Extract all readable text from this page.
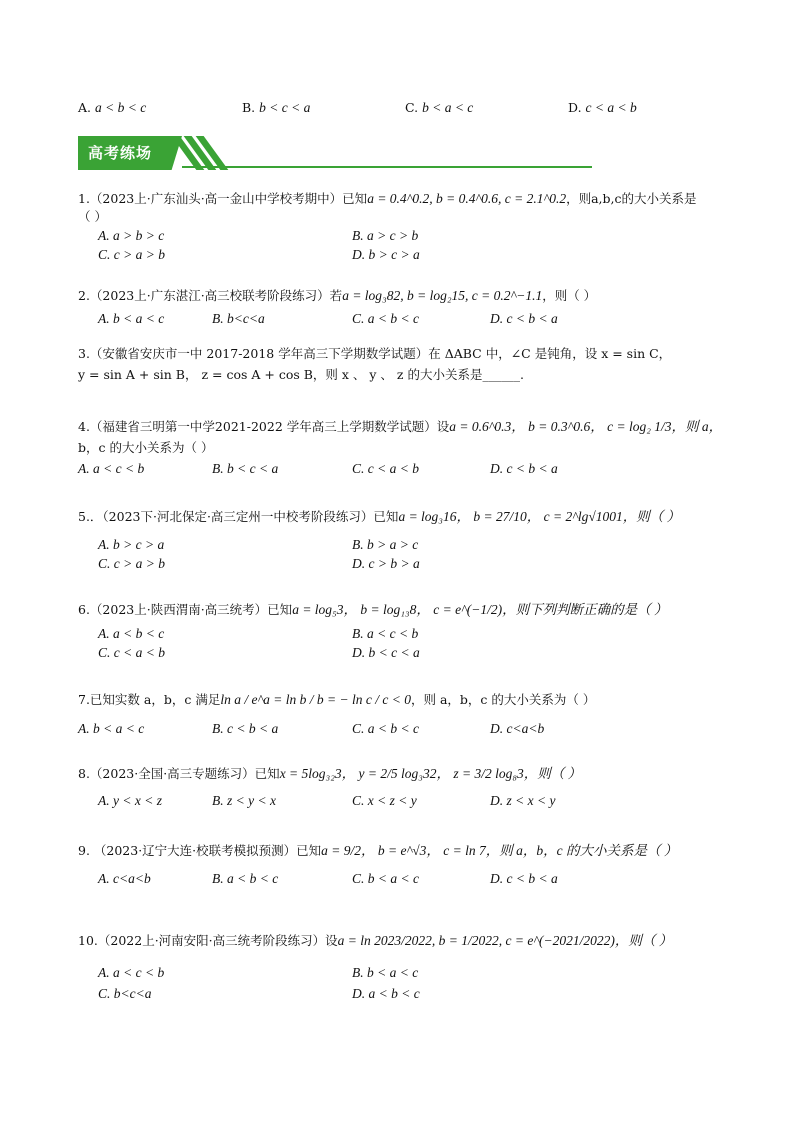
A. a < b < c	B. b < c < a	C. b < a < c	D. c < a < b
高考练场
1.（2023上·广东汕头·高一金山中学校考期中）已知a = 0.4^0.2, b = 0.4^0.6, c = 2.1^0.2，则a,b,c的大小关系是
（ ）
A. a > b > c	B. a > c > b
C. c > a > b	D. b > c > a
2.（2023上·广东湛江·高三校联考阶段练习）若a = log₃82, b = log₂15, c = 0.2^−1.1，则（ ）
A. b < a < c	B. b<c<a	C. a < b < c	D. c < b < a
3.（安徽省安庆市一中 2017-2018 学年高三下学期数学试题）在 ΔABC 中，∠C 是钝角，设 x = sin C，
y = sin A + sin B， z = cos A + cos B，则 x 、 y 、 z 的大小关系是______.
4.（福建省三明第一中学2021-2022 学年高三上学期数学试题）设a = 0.6^0.3， b = 0.3^0.6， c = log₂ 1/3，则 a，
b，c 的大小关系为（ ）
A. a < c < b	B. b < c < a	C. c < a < b	D. c < b < a
5.．（2023下·河北保定·高三定州一中校考阶段练习）已知a = log₃16， b = 27/10， c = 2^lg√1001，则（ ）
A. b > c > a	B. b > a > c
C. c > a > b	D. c > b > a
6.（2023上·陕西渭南·高三统考）已知a = log₅3， b = log₁₃8， c = e^(−1/2)，则下列判断正确的是（ ）
A. a < b < c	B. a < c < b
C. c < a < b	D. b < c < a
7.已知实数 a，b，c 满足ln a / e^a = ln b / b = − ln c / c < 0，则 a，b，c 的大小关系为（ ）
A. b < a < c	B. c < b < a	C. a < b < c	D. c<a<b
8.（2023·全国·高三专题练习）已知x = 5log₃₂3， y = 2/5 log₃32， z = 3/2 log₈3，则（ ）
A. y < x < z	B. z < y < x	C. x < z < y	D. z < x < y
9. （2023·辽宁大连·校联考模拟预测）已知a = 9/2， b = e^√3， c = ln 7，则 a，b，c 的大小关系是（ ）
A. c<a<b	B. a < b < c	C. b < a < c	D. c < b < a
10.（2022上·河南安阳·高三统考阶段练习）设a = ln 2023/2022, b = 1/2022, c = e^(−2021/2022)，则（ ）
A. a < c < b	B. b < a < c
C. b<c<a	D. a < b < c
